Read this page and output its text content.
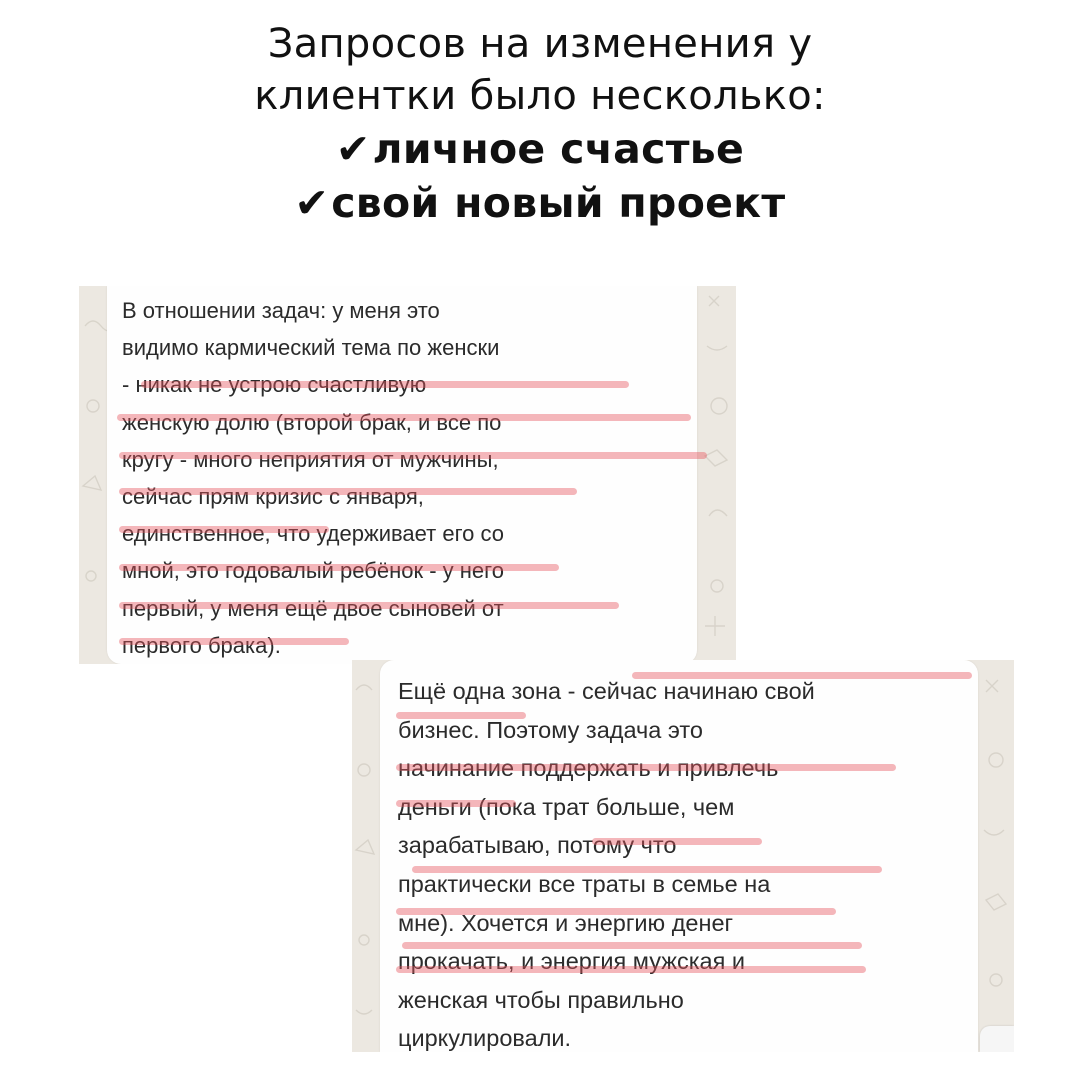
Запросов на изменения у
клиентки было несколько:
✔личное счастье
✔свой новый проект
В отношении задач: у меня это
видимо кармический тема по женски
- никак не устрою счастливую
женскую долю (второй брак, и все по
кругу - много неприятия от мужчины,
сейчас прям кризис с января,
единственное, что удерживает его со
мной, это годовалый ребёнок - у него
первый, у меня ещё двое сыновей от
первого брака).
Ещё одна зона - сейчас начинаю свой
бизнес. Поэтому задача это
начинание поддержать и привлечь
деньги (пока трат больше, чем
зарабатываю, потому что
практически все траты в семье на
мне). Хочется и энергию денег
прокачать, и энергия мужская и
женская чтобы правильно
циркулировали.
